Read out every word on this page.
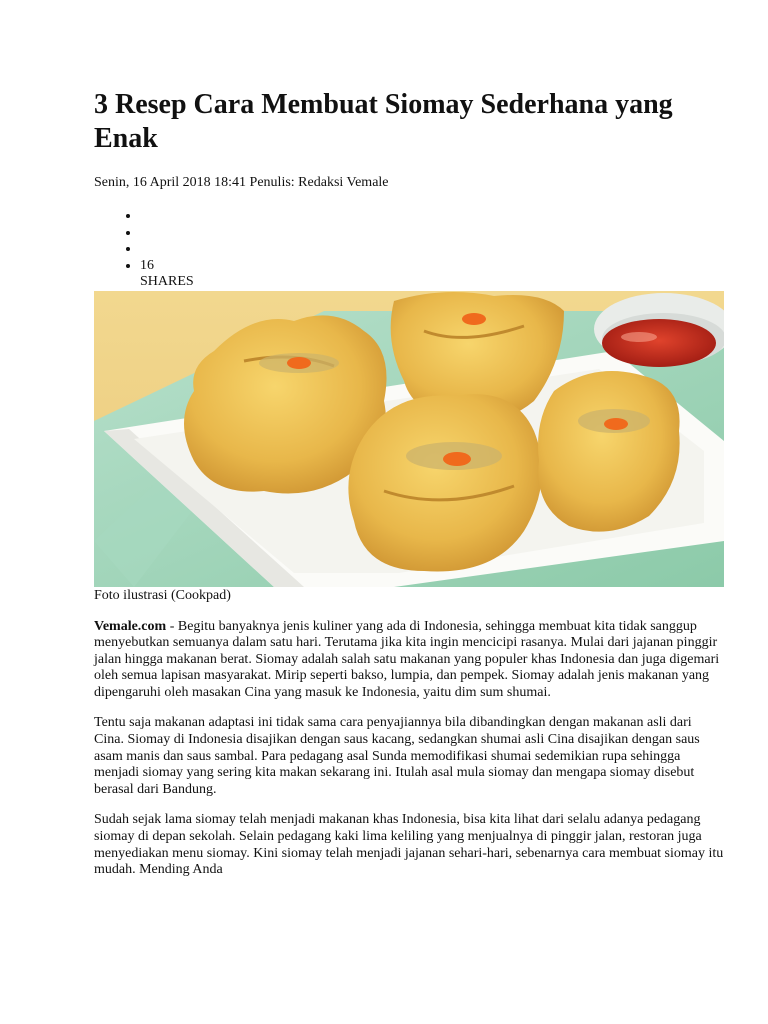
3 Resep Cara Membuat Siomay Sederhana yang Enak
Senin, 16 April 2018 18:41 Penulis: Redaksi Vemale
•
•
•
• 16
SHARES
Foto ilustrasi (Cookpad)

Vemale.com - Begitu banyaknya jenis kuliner yang ada di Indonesia, sehingga membuat kita tidak sanggup menyebutkan semuanya dalam satu hari. Terutama jika kita ingin mencicipi rasanya. Mulai dari jajanan pinggir jalan hingga makanan berat. Siomay adalah salah satu makanan yang populer khas Indonesia dan juga digemari oleh semua lapisan masyarakat. Mirip seperti bakso, lumpia, dan pempek. Siomay adalah jenis makanan yang dipengaruhi oleh masakan Cina yang masuk ke Indonesia, yaitu dim sum shumai.

Tentu saja makanan adaptasi ini tidak sama cara penyajiannya bila dibandingkan dengan makanan asli dari Cina. Siomay di Indonesia disajikan dengan saus kacang, sedangkan shumai asli Cina disajikan dengan saus asam manis dan saus sambal. Para pedagang asal Sunda memodifikasi shumai sedemikian rupa sehingga menjadi siomay yang sering kita makan sekarang ini. Itulah asal mula siomay dan mengapa siomay disebut berasal dari Bandung.

Sudah sejak lama siomay telah menjadi makanan khas Indonesia, bisa kita lihat dari selalu adanya pedagang siomay di depan sekolah. Selain pedagang kaki lima keliling yang menjualnya di pinggir jalan, restoran juga menyediakan menu siomay. Kini siomay telah menjadi jajanan sehari-hari, sebenarnya cara membuat siomay itu mudah. Mending Anda
